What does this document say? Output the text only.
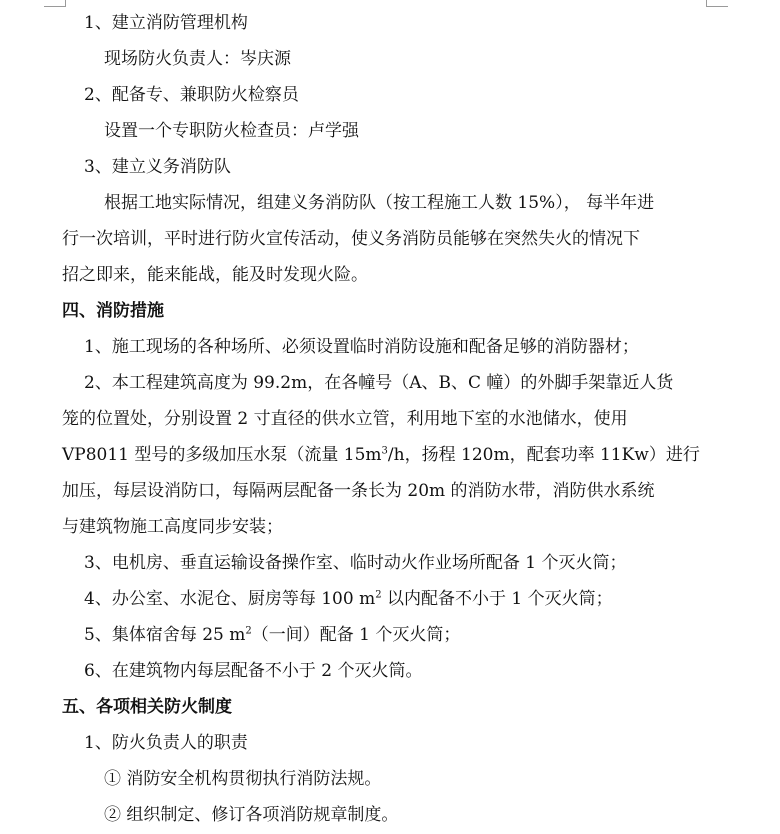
1、建立消防管理机构
现场防火负责人：岑庆源
2、配备专、兼职防火检察员
设置一个专职防火检查员：卢学强
3、建立义务消防队
根据工地实际情况，组建义务消防队（按工程施工人数 15%）， 每半年进
行一次培训，平时进行防火宣传活动，使义务消防员能够在突然失火的情况下
招之即来，能来能战，能及时发现火险。
四、消防措施
1、施工现场的各种场所、必须设置临时消防设施和配备足够的消防器材；
2、本工程建筑高度为 99.2m，在各幢号（A、B、C 幢）的外脚手架靠近人货
笼的位置处，分别设置 2 寸直径的供水立管，利用地下室的水池储水，使用
VP8011 型号的多级加压水泵（流量 $15m^3/h$，扬程 120m，配套功率 11Kw）进行
加压，每层设消防口，每隔两层配备一条长为 20m 的消防水带，消防供水系统
与建筑物施工高度同步安装；
3、电机房、垂直运输设备操作室、临时动火作业场所配备 1 个灭火筒；
4、办公室、水泥仓、厨房等每 100 $m^2$ 以内配备不小于 1 个灭火筒；
5、集体宿舍每 25 $m^2$（一间）配备 1 个灭火筒；
6、在建筑物内每层配备不小于 2 个灭火筒。
五、各项相关防火制度
1、防火负责人的职责
① 消防安全机构贯彻执行消防法规。
② 组织制定、修订各项消防规章制度。
